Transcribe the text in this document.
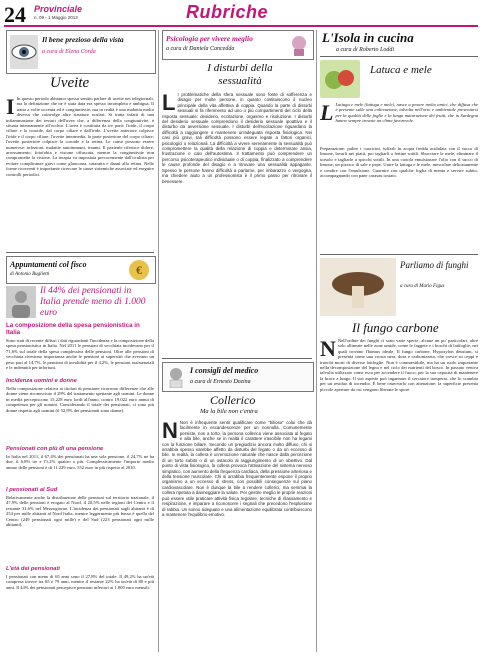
24 Provinciale
n. 09 - 1 Maggio 2013	Rubriche
Il bene prezioso della vista
a cura di Elena Corda
Uveite
I In questo periodo abbiamo spesso sentito parlare di uveite nei telegiornali, ma la definizione che ne è stata data era spesso incompleta e ambigua. Il tratta a volte uccenta ed è congiuntivite, ma in realtà è una malattia molto diversa che coinvolge altre strutture oculari. Si tratta infatti di una infiammazione dei tessuti dell'uvea che, a differenza della congiuntivite, è situata internamente all'occhio. L'uvea è costituita da tre parti: l'iride, il corpo ciliare e la coroide, dal corpo ciliare e dall'iride. L'uveite anteriore colpisce l'iride e il corpo ciliare; l'uveite intermedia, la parte posteriore del corpo ciliare; l'uveite posteriore colpisce la coroide e la retina. Le cause possono essere numerose: infezioni, malattie autoimmuni, traumi. Il paziente riferisce dolore, arrossamento, fotofobia e visione offuscata, mentre la congiuntivite non compromette la visione. La terapia va impostata precocemente dall'oculista per evitare complicanze gravi come glaucoma, cataratta e danni alla retina. Nelle forme ricorrenti è importante ricercare le cause sistemiche associate ed eseguire controlli periodici.
Appuntamenti col fisco
di Antonio Buglietti	€
Il 44% dei pensionati in Italia prende meno di 1.000 euro
La composizione della spesa pensionistica in Italia
Sono stati di recente diffusi i dati riguardanti l'incidenza e la composizione della spesa pensionistica in Italia. Nel 2011 le pensioni di vecchiaia incidevano per il 71,6% sul totale della spesa complessiva delle pensioni. Oltre alle pensioni di vecchiaia rivestono importanza anche le pensioni ai superstiti che avevano un peso pari al 14,7%, le pensioni di invalidità per il 4,2%, le pensioni assistenziali e le indennità per infortuni.
Incidenza uomini e donne
Nella composizione relativa ai titolari di pensione ricorrono differenze che alle donne viene riconosciuto il 29% del trattamento spettante agli uomini. Le donne in media percepiscono 15.228 euro lordi all'anno, contro 19.022 euro annui di competenza per gli uomini. Considerando il totale dei pensionati, ci sono più donne rispetto agli uomini (il 52,9% dei pensionati sono donne).
Pensionati con più di una pensione
In Italia nel 2011, il 67,4% dei pensionati ha una sola pensione, il 24,7% ne ha due, il 6,8% tre e l'1,2% quattro o più. Complessivamente l'importo medio annuo delle pensioni è di 11.229 euro, 552 euro in più rispetto al 2010.
I pensionati al Sud
Relativamente anche la distribuzione delle pensioni sul territorio nazionale, il 47,9% delle pensioni è erogato al Nord, il 20,5% nelle regioni del Centro e il restante 31,6% nel Mezzogiorno. L'incidenza dei pensionati sugli abitanti è di 254 per mille abitanti al Nord Italia, mentre leggermente più basso è quella del Centro (249 pensionati ogni mille) e del Sud (223 pensionati ogni mille abitanti).
L'età dei pensionati
I pensionati con meno di 65 anni sono il 27,8% del totale. Il 49,2% ha un'età compresa invece tra 65 e 79 anni, mentre il restante 22% ha un'età di 80 e più anni. Il 44% dei pensionati percepisce pensioni inferiori ai 1.000 euro mensili.
Psicologia per vivere meglio
a cura di Daniela Cancedda
I disturbi della sessualità
L I problematiche della sfera sessuale sono fonte di sofferenza e disagio per molte persone, in quanto costituiscono il nucleo principale della vita affettiva di coppia. Quando la parte di disturbi sessuali si fa riferimento ad uno o più compartimenti del ciclo della risposta sessuale: desiderio, eccitazione, orgasmo e risoluzione. I disturbi del desiderio sessuale comprendono il desiderio sessuale ipoattivo e il disturbo da avversione sessuale. I disturbi dell'eccitazione riguardano la difficoltà a raggiungere o mantenere un'adeguata risposta fisiologica. Nei casi più gravi, tali difficoltà possono essere legate a fattori organici, psicologici o relazionali. La difficoltà a vivere serenamente la sessualità può compromettere la qualità della relazione di coppia e determinare ansia, frustrazione e calo dell'autostima. Il trattamento può comprendere un percorso psicoterapeutico individuale o di coppia, finalizzato a comprendere le cause profonde del disagio e a ritrovare una sessualità appagante. Spesso le persone hanno difficoltà a parlarne, per imbarazzo o vergogna, ma chiedere aiuto a un professionista è il primo passo per ritrovare il benessere.
I consigli del medico
a cura di Ernesto Dozina
Collerico
Ma la bile non c'entra
N Non è infrequente sentir qualificare come "bilioso" colui che dà facilmente in escandescenze per un nonnulla. Comunemente persiste, non a torto, la persona collerica viene associata al fegato e alla bile, anche se in realtà il carattere irascibile non ha legami con la funzione biliare. Secondo un pregiudizio ancora molto diffuso, chi si arrabbia spesso sarebbe affetto da disturbi del fegato o da un eccesso di bile. In realtà, la collera è un'emozione naturale che nasce dalla percezione di un torto subito o di un ostacolo al raggiungimento di un obiettivo. Dal punto di vista fisiologico, la collera provoca l'attivazione del sistema nervoso simpatico, con aumento della frequenza cardiaca, della pressione arteriosa e della tensione muscolare. Chi si arrabbia frequentemente espone il proprio organismo a un eccesso di stress, con possibili conseguenze sul piano cardiovascolare. Non è dunque la bile a rendere collerici, ma semmai la collera ripetuta a danneggiare la salute. Per gestire meglio le proprie reazioni può essere utile praticare attività fisica regolare, tecniche di rilassamento e respirazione, e imparare a riconoscere i segnali che precedono l'esplosione di rabbia. Un sonno adeguato e una alimentazione equilibrata contribuiscono a mantenere l'equilibrio emotivo.
L'Isola in cucina
a cura di Roberto Loddi
Latuca e mele
L Lattuga e mele (lattuga e mele), nasce a pesare molto amici, che diffusa che è presente sulle una coltivazione, talvolta nell'orto e ambientale presentarsi per la qualità delle foglie e la lunga maturazione dei frutti, che in Sardegna hanno sempre trovato un clima favorevole.
Preparazione: pulire i cuoricini, tuffarli in acqua fredda acidulata con il succo di limone, lavarli nei piatti, poi tagliarli a fettine sottili. Sbucciare le mele, eliminare il torsolo e tagliarle a spicchi sottili. In una ciotola emulsionare l'olio con il succo di limone, un pizzico di sale e pepe. Unire la lattuga e le mele, mescolare delicatamente e condire con l'emulsione. Guarnire con qualche foglia di menta e servire subito, accompagnando con pane carasau tostato.
Parliamo di funghi
a cura di Mario Figus
Il fungo carbone
N Nell'ordine dei funghi ci sono varie specie, alcune un po' particolari, altre solo allineate nelle zone umide, come le faggete e i boschi di latifoglie, nei quali trovano l'humus ideale. Il fungo carbone, Hypoxylon deustum, si presenta come una crosta nera, dura e carbonizzata, che cresce su ceppi e tronchi morti di diverse latifoglie. Non è commestibile, ma ha un ruolo importante nella decomposizione del legno e nel ciclo dei nutrienti del bosco. In passato veniva talvolta utilizzato come esca per accendere il fuoco, per la sua capacità di mantenere la brace a lungo. Il suo aspetto può ingannare il cercatore inesperto, che lo scambia per un residuo di incendio. È bene osservarlo con attenzione: la superficie presenta piccole aperture da cui vengono liberate le spore.
